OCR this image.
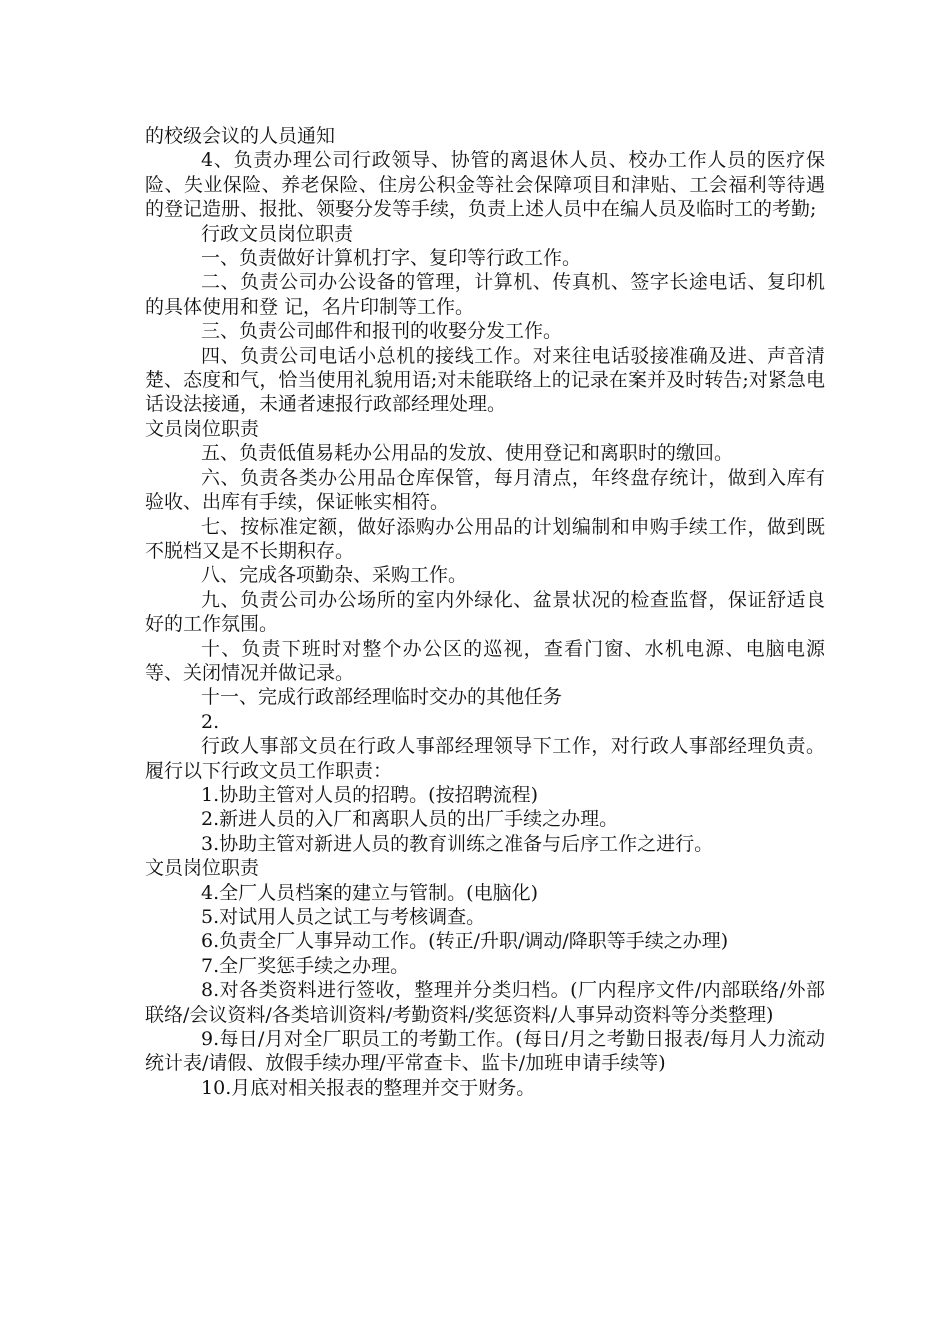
的校级会议的人员通知

4、负责办理公司行政领导、协管的离退休人员、校办工作人员的医疗保险、失业保险、养老保险、住房公积金等社会保障项目和津贴、工会福利等待遇的登记造册、报批、领娶分发等手续，负责上述人员中在编人员及临时工的考勤;

行政文员岗位职责

一、负责做好计算机打字、复印等行政工作。

二、负责公司办公设备的管理，计算机、传真机、签字长途电话、复印机的具体使用和登 记，名片印制等工作。

三、负责公司邮件和报刊的收娶分发工作。

四、负责公司电话小总机的接线工作。对来往电话驳接准确及进、声音清楚、态度和气，恰当使用礼貌用语;对未能联络上的记录在案并及时转告;对紧急电话设法接通，未通者速报行政部经理处理。

文员岗位职责

五、负责低值易耗办公用品的发放、使用登记和离职时的缴回。

六、负责各类办公用品仓库保管，每月清点，年终盘存统计，做到入库有验收、出库有手续，保证帐实相符。

七、按标准定额，做好添购办公用品的计划编制和申购手续工作，做到既不脱档又是不长期积存。

八、完成各项勤杂、采购工作。

九、负责公司办公场所的室内外绿化、盆景状况的检查监督，保证舒适良好的工作氛围。

十、负责下班时对整个办公区的巡视，查看门窗、水机电源、电脑电源等、关闭情况并做记录。

十一、完成行政部经理临时交办的其他任务

2.

行政人事部文员在行政人事部经理领导下工作，对行政人事部经理负责。履行以下行政文员工作职责：

1.协助主管对人员的招聘。(按招聘流程)

2.新进人员的入厂和离职人员的出厂手续之办理。

3.协助主管对新进人员的教育训练之准备与后序工作之进行。

文员岗位职责

4.全厂人员档案的建立与管制。(电脑化)

5.对试用人员之试工与考核调查。

6.负责全厂人事异动工作。(转正/升职/调动/降职等手续之办理)

7.全厂奖惩手续之办理。

8.对各类资料进行签收，整理并分类归档。(厂内程序文件/内部联络/外部联络/会议资料/各类培训资料/考勤资料/奖惩资料/人事异动资料等分类整理)

9.每日/月对全厂职员工的考勤工作。(每日/月之考勤日报表/每月人力流动统计表/请假、放假手续办理/平常查卡、监卡/加班申请手续等)

10.月底对相关报表的整理并交于财务。
